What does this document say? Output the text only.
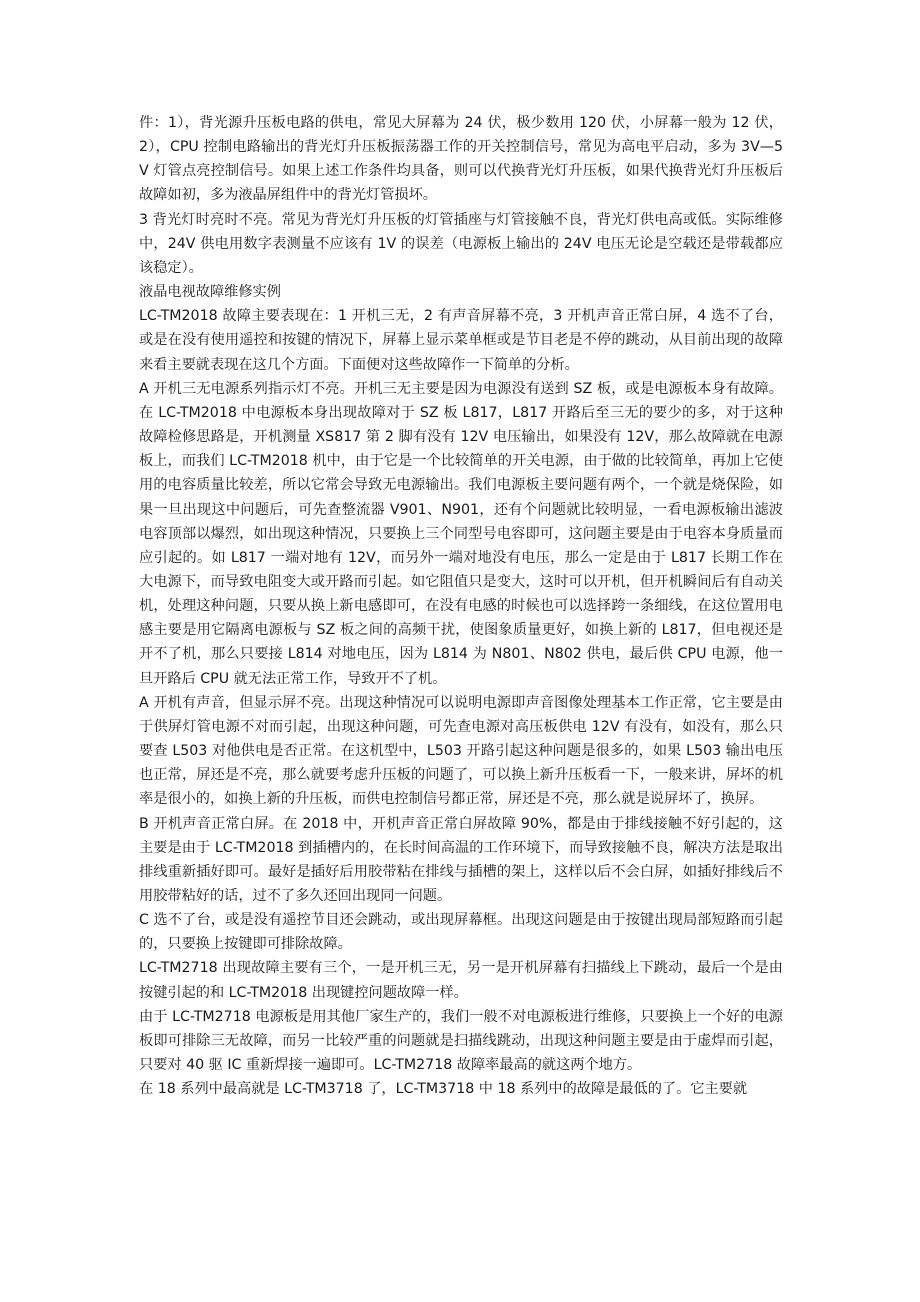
件：1），背光源升压板电路的供电，常见大屏幕为 24 伏，极少数用 120 伏，小屏幕一般为 12 伏，2），CPU 控制电路输出的背光灯升压板振荡器工作的开关控制信号，常见为高电平启动，多为 3V—5V 灯管点亮控制信号。如果上述工作条件均具备，则可以代换背光灯升压板，如果代换背光灯升压板后故障如初，多为液晶屏组件中的背光灯管损坏。

3 背光灯时亮时不亮。常见为背光灯升压板的灯管插座与灯管接触不良，背光灯供电高或低。实际维修中，24V 供电用数字表测量不应该有 1V 的误差（电源板上输出的 24V 电压无论是空载还是带载都应该稳定）。

液晶电视故障维修实例

LC-TM2018 故障主要表现在：1 开机三无，2 有声音屏幕不亮，3 开机声音正常白屏，4 选不了台，或是在没有使用遥控和按键的情况下，屏幕上显示菜单框或是节目老是不停的跳动，从目前出现的故障来看主要就表现在这几个方面。下面便对这些故障作一下简单的分析。

A 开机三无电源系列指示灯不亮。开机三无主要是因为电源没有送到 SZ 板，或是电源板本身有故障。在 LC-TM2018 中电源板本身出现故障对于 SZ 板 L817，L817 开路后至三无的要少的多，对于这种故障检修思路是，开机测量 XS817 第 2 脚有没有 12V 电压输出，如果没有 12V，那么故障就在电源板上，而我们 LC-TM2018 机中，由于它是一个比较简单的开关电源，由于做的比较简单，再加上它使用的电容质量比较差，所以它常会导致无电源输出。我们电源板主要问题有两个，一个就是烧保险，如果一旦出现这中问题后，可先查整流器 V901、N901，还有个问题就比较明显，一看电源板输出滤波电容顶部以爆烈，如出现这种情况，只要换上三个同型号电容即可，这问题主要是由于电容本身质量而应引起的。如 L817 一端对地有 12V，而另外一端对地没有电压，那么一定是由于 L817 长期工作在大电源下，而导致电阻变大或开路而引起。如它阻值只是变大，这时可以开机，但开机瞬间后有自动关机，处理这种问题，只要从换上新电感即可，在没有电感的时候也可以选择跨一条细线，在这位置用电感主要是用它隔离电源板与 SZ 板之间的高频干扰，使图象质量更好，如换上新的 L817，但电视还是开不了机，那么只要接 L814 对地电压，因为 L814 为 N801、N802 供电，最后供 CPU 电源，他一旦开路后 CPU 就无法正常工作，导致开不了机。

A 开机有声音，但显示屏不亮。出现这种情况可以说明电源即声音图像处理基本工作正常，它主要是由于供屏灯管电源不对而引起，出现这种问题，可先查电源对高压板供电 12V 有没有，如没有，那么只要查 L503 对他供电是否正常。在这机型中，L503 开路引起这种问题是很多的，如果 L503 输出电压也正常，屏还是不亮，那么就要考虑升压板的问题了，可以换上新升压板看一下，一般来讲，屏坏的机率是很小的，如换上新的升压板，而供电控制信号都正常，屏还是不亮，那么就是说屏坏了，换屏。

B 开机声音正常白屏。在 2018 中，开机声音正常白屏故障 90%，都是由于排线接触不好引起的，这主要是由于 LC-TM2018 到插槽内的，在长时间高温的工作环境下，而导致接触不良，解决方法是取出排线重新插好即可。最好是插好后用胶带粘在排线与插槽的架上，这样以后不会白屏，如插好排线后不用胶带粘好的话，过不了多久还回出现同一问题。

C 选不了台，或是没有遥控节目还会跳动，或出现屏幕框。出现这问题是由于按键出现局部短路而引起的，只要换上按键即可排除故障。

LC-TM2718 出现故障主要有三个，一是开机三无，另一是开机屏幕有扫描线上下跳动，最后一个是由按键引起的和 LC-TM2018 出现键控问题故障一样。

由于 LC-TM2718 电源板是用其他厂家生产的，我们一般不对电源板进行维修，只要换上一个好的电源板即可排除三无故障，而另一比较严重的问题就是扫描线跳动，出现这种问题主要是由于虚焊而引起，只要对 40 驱 IC 重新焊接一遍即可。LC-TM2718 故障率最高的就这两个地方。

在 18 系列中最高就是 LC-TM3718 了，LC-TM3718 中 18 系列中的故障是最低的了。它主要就
